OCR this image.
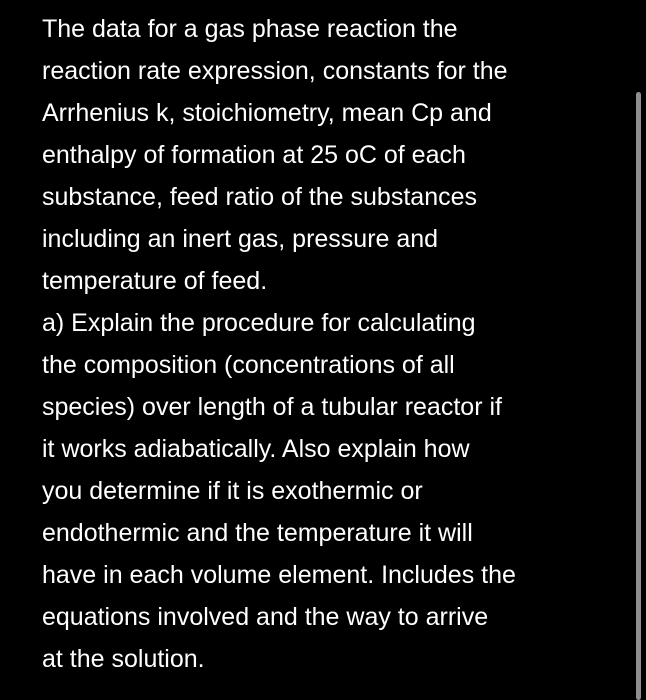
The data for a gas phase reaction the
reaction rate expression, constants for the
Arrhenius k, stoichiometry, mean Cp and
enthalpy of formation at 25 oC of each
substance, feed ratio of the substances
including an inert gas, pressure and
temperature of feed.
a) Explain the procedure for calculating
the composition (concentrations of all
species) over length of a tubular reactor if
it works adiabatically. Also explain how
you determine if it is exothermic or
endothermic and the temperature it will
have in each volume element. Includes the
equations involved and the way to arrive
at the solution.
